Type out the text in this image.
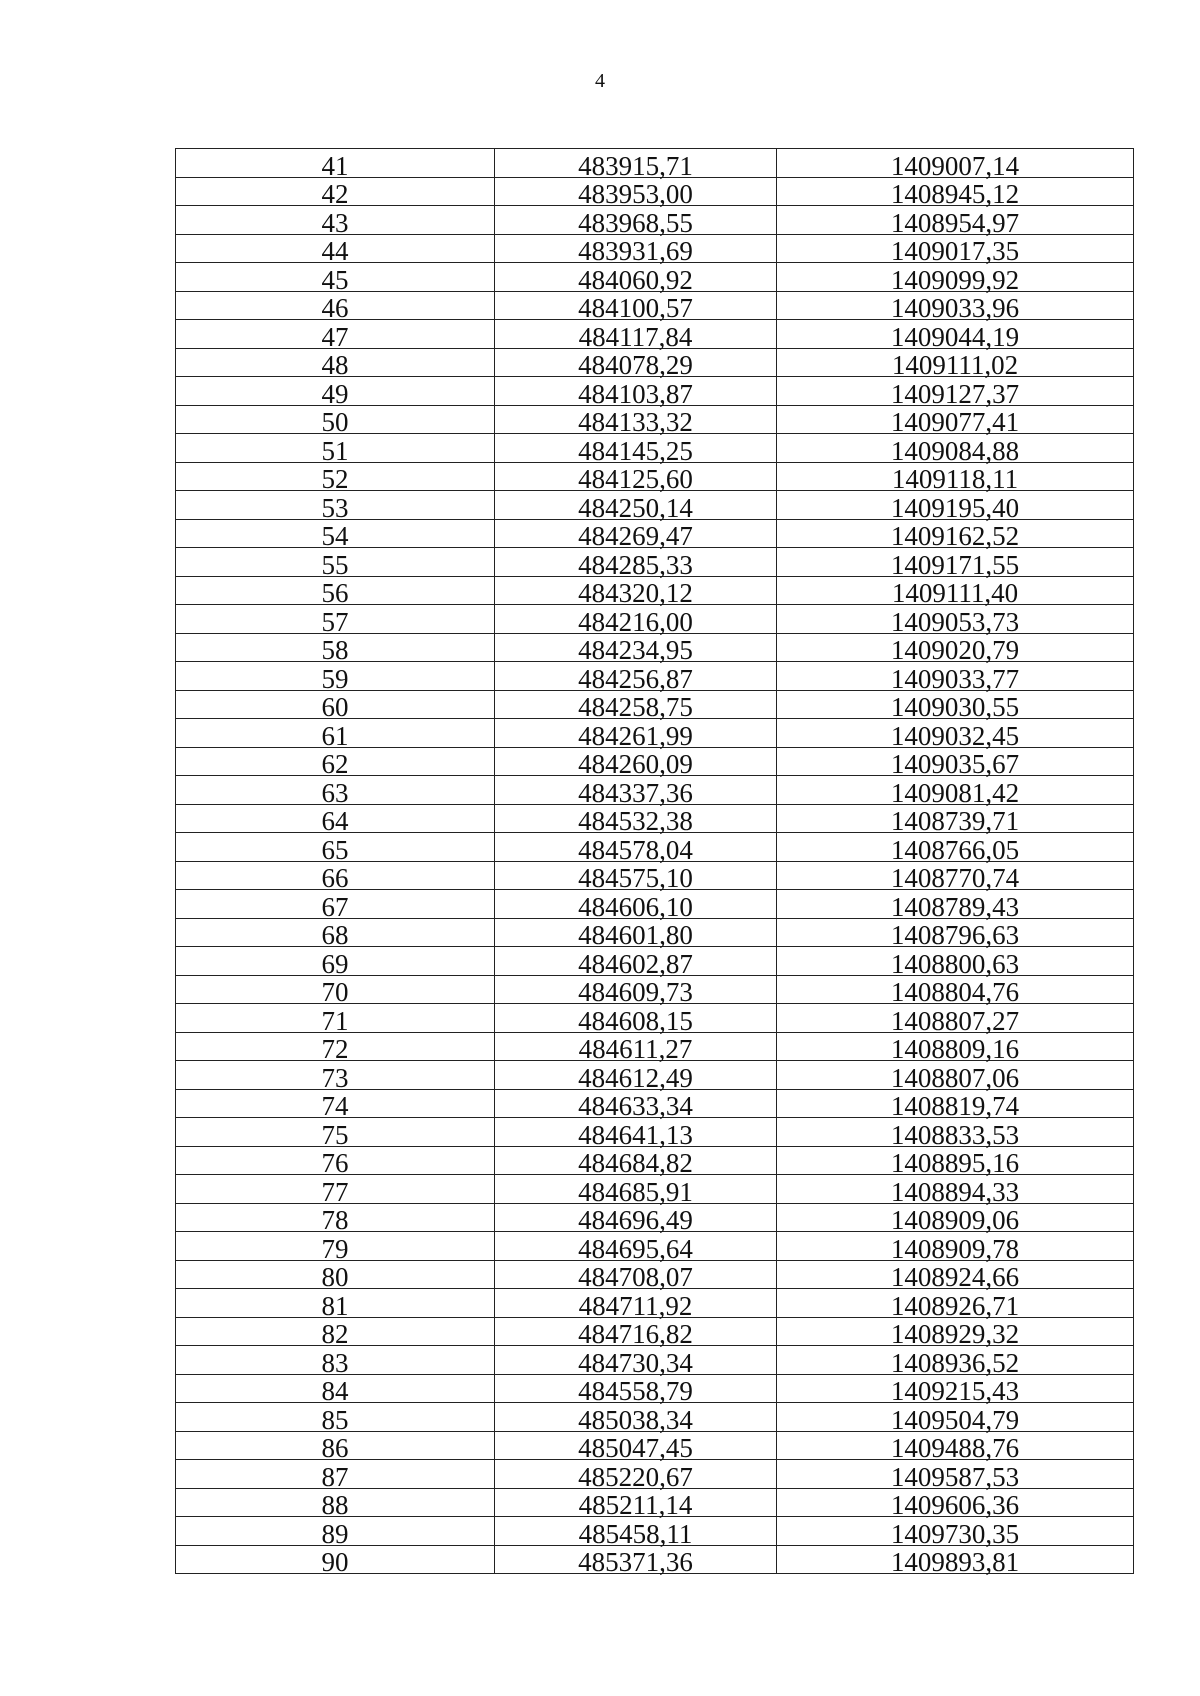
4
41	483915,71	1409007,14
42	483953,00	1408945,12
43	483968,55	1408954,97
44	483931,69	1409017,35
45	484060,92	1409099,92
46	484100,57	1409033,96
47	484117,84	1409044,19
48	484078,29	1409111,02
49	484103,87	1409127,37
50	484133,32	1409077,41
51	484145,25	1409084,88
52	484125,60	1409118,11
53	484250,14	1409195,40
54	484269,47	1409162,52
55	484285,33	1409171,55
56	484320,12	1409111,40
57	484216,00	1409053,73
58	484234,95	1409020,79
59	484256,87	1409033,77
60	484258,75	1409030,55
61	484261,99	1409032,45
62	484260,09	1409035,67
63	484337,36	1409081,42
64	484532,38	1408739,71
65	484578,04	1408766,05
66	484575,10	1408770,74
67	484606,10	1408789,43
68	484601,80	1408796,63
69	484602,87	1408800,63
70	484609,73	1408804,76
71	484608,15	1408807,27
72	484611,27	1408809,16
73	484612,49	1408807,06
74	484633,34	1408819,74
75	484641,13	1408833,53
76	484684,82	1408895,16
77	484685,91	1408894,33
78	484696,49	1408909,06
79	484695,64	1408909,78
80	484708,07	1408924,66
81	484711,92	1408926,71
82	484716,82	1408929,32
83	484730,34	1408936,52
84	484558,79	1409215,43
85	485038,34	1409504,79
86	485047,45	1409488,76
87	485220,67	1409587,53
88	485211,14	1409606,36
89	485458,11	1409730,35
90	485371,36	1409893,81
